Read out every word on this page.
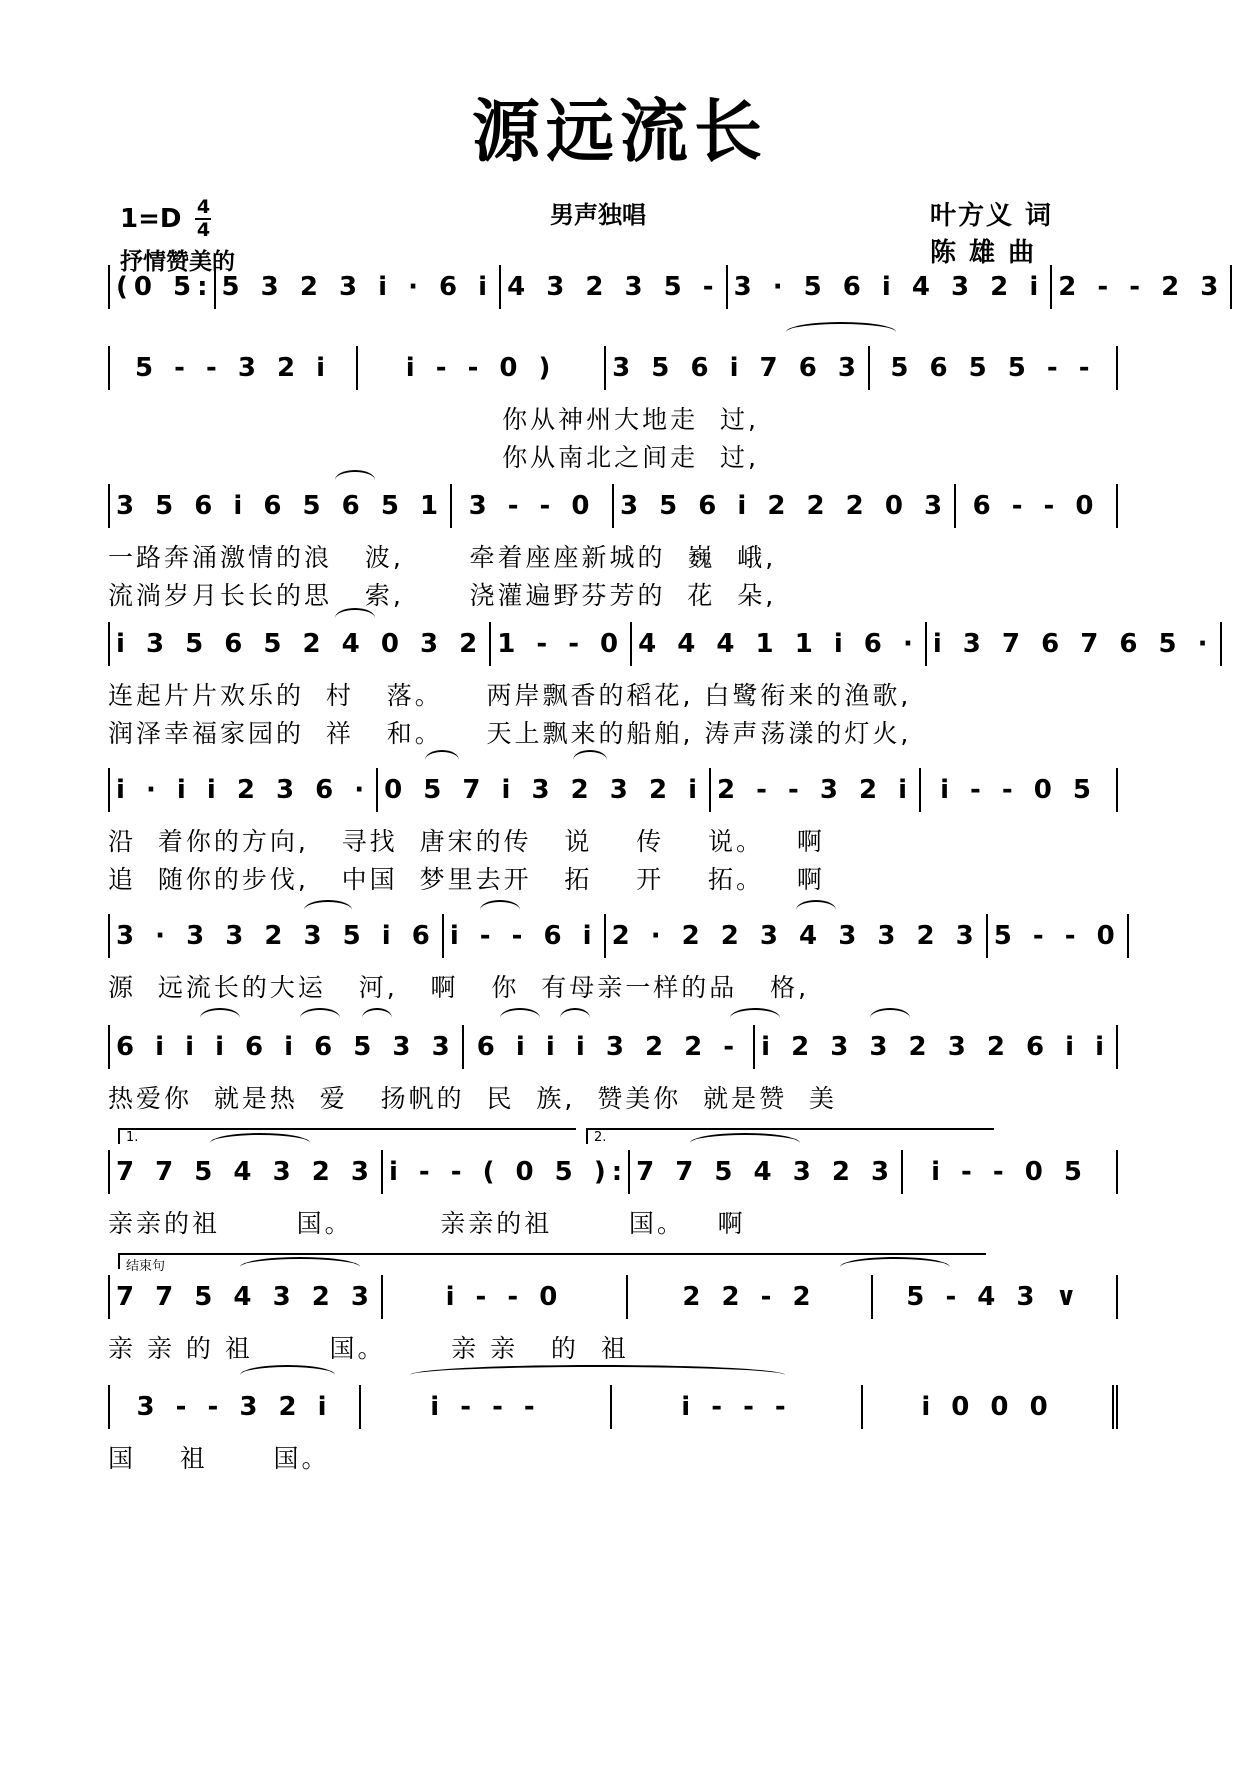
源远流长
1=D 4
4
男声独唱
抒情赞美的
叶方义 词
陈 雄 曲
(0 5 : 5 3 2 3 i · 6 i 4 3 2 3 5 - 3 · 5 6 i 4 3 2 i 2 - - 2 3
5 - - 3 2 i	i - - 0 ) 3 5 6 i 7 6 3 5 6 5 5 - -
你从神州大地走  过,
你从南北之间走  过,
3 5 6 i 6 5 6 5 1 3 - - 0 3 5 6 i 2 2 2 0 3 6 - - 0
一路奔涌激情的浪   波,      牵着座座新城的  巍  峨,
流淌岁月长长的思   索,      浇灌遍野芬芳的  花  朵,
i 3 5 6 5 2 4 0 3 2 1 - - 0 4 4 4 1 1 i 6 · i 3 7 6 7 6 5 ·
连起片片欢乐的  村   落。    两岸飘香的稻花, 白鹭衔来的渔歌,
润泽幸福家园的  祥   和。    天上飘来的船舶, 涛声荡漾的灯火,
i · i i 2 3 6 · 0 5 7 i 3 2 3 2 i 2 - - 3 2 i i - - 0 5
沿  着你的方向,   寻找  唐宋的传   说    传    说。   啊
追  随你的步伐,   中国  梦里去开   拓    开    拓。   啊
3 · 3 3 2 3 5 i 6 i - - 6 i 2 · 2 2 3 4 3 3 2 3 5 - - 0
源  远流长的大运   河,   啊   你  有母亲一样的品   格,
6 i i i 6 i 6 5 3 3 6 i i i 3 2 2 - i 2 3 3 2 3 2 6 i i
热爱你  就是热  爱   扬帆的  民  族,  赞美你  就是赞  美
1.	2.
7 7 5 4 3 2 3 i - - ( 0 5 ) : 7 7 5 4 3 2 3 i - - 0 5
亲亲的祖       国。        亲亲的祖       国。   啊
结束句
7 7 5 4 3 2 3	i - - 0	2 2 - 2	5 - 4 3 ∨
亲 亲 的 祖       国。      亲 亲   的  祖
3 - - 3 2 i	i - - -	i - - -	i 0 0 0
国    祖      国。
